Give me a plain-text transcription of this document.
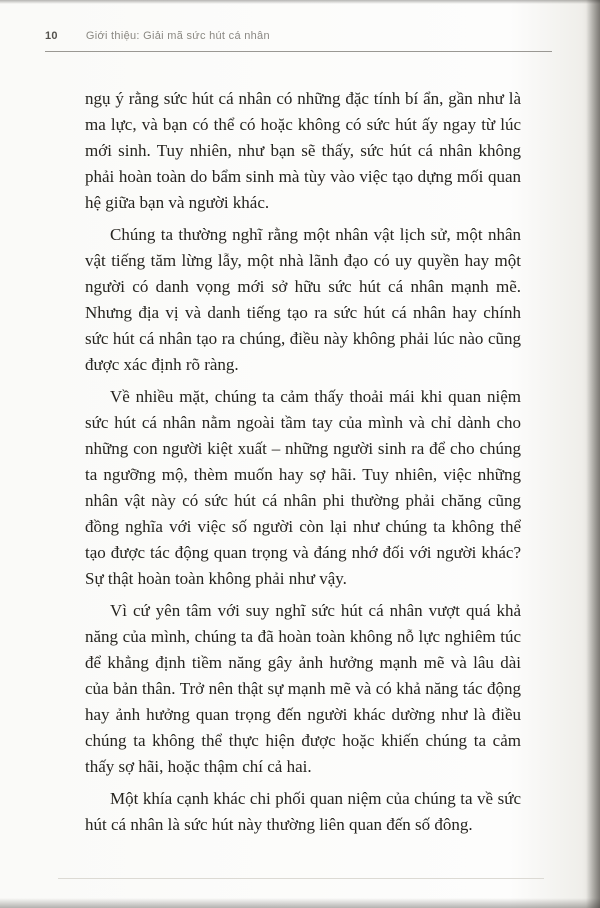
10	Giới thiệu: Giải mã sức hút cá nhân

ngụ ý rằng sức hút cá nhân có những đặc tính bí ẩn, gần như là ma lực, và bạn có thể có hoặc không có sức hút ấy ngay từ lúc mới sinh. Tuy nhiên, như bạn sẽ thấy, sức hút cá nhân không phải hoàn toàn do bẩm sinh mà tùy vào việc tạo dựng mối quan hệ giữa bạn và người khác.

Chúng ta thường nghĩ rằng một nhân vật lịch sử, một nhân vật tiếng tăm lừng lẫy, một nhà lãnh đạo có uy quyền hay một người có danh vọng mới sở hữu sức hút cá nhân mạnh mẽ. Nhưng địa vị và danh tiếng tạo ra sức hút cá nhân hay chính sức hút cá nhân tạo ra chúng, điều này không phải lúc nào cũng được xác định rõ ràng.

Về nhiều mặt, chúng ta cảm thấy thoải mái khi quan niệm sức hút cá nhân nằm ngoài tầm tay của mình và chỉ dành cho những con người kiệt xuất – những người sinh ra để cho chúng ta ngưỡng mộ, thèm muốn hay sợ hãi. Tuy nhiên, việc những nhân vật này có sức hút cá nhân phi thường phải chăng cũng đồng nghĩa với việc số người còn lại như chúng ta không thể tạo được tác động quan trọng và đáng nhớ đối với người khác? Sự thật hoàn toàn không phải như vậy.

Vì cứ yên tâm với suy nghĩ sức hút cá nhân vượt quá khả năng của mình, chúng ta đã hoàn toàn không nỗ lực nghiêm túc để khẳng định tiềm năng gây ảnh hưởng mạnh mẽ và lâu dài của bản thân. Trở nên thật sự mạnh mẽ và có khả năng tác động hay ảnh hưởng quan trọng đến người khác dường như là điều chúng ta không thể thực hiện được hoặc khiến chúng ta cảm thấy sợ hãi, hoặc thậm chí cả hai.

Một khía cạnh khác chi phối quan niệm của chúng ta về sức hút cá nhân là sức hút này thường liên quan đến số đông.
